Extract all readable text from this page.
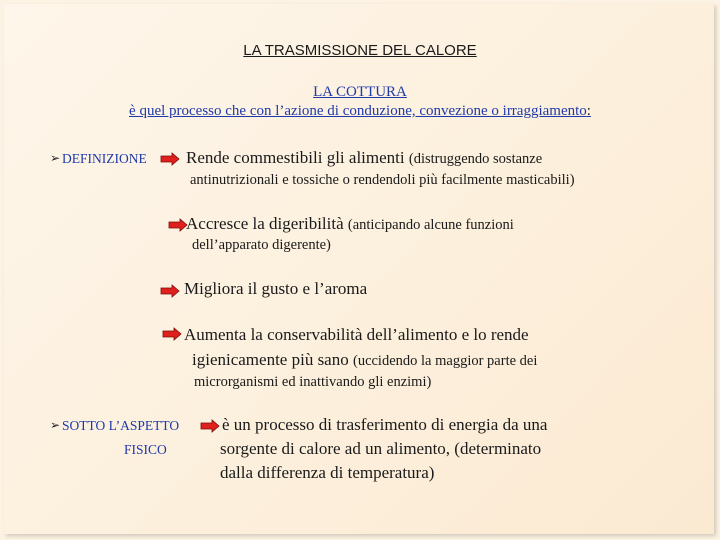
LA TRASMISSIONE DEL CALORE
LA COTTURA
è quel processo che con l’azione di conduzione, convezione o irraggiamento:
➢ DEFINIZIONE Rende commestibili gli alimenti (distruggendo sostanze
antinutrizionali e tossiche o rendendoli più facilmente masticabili)
Accresce la digeribilità (anticipando alcune funzioni
dell’apparato digerente)
Migliora il gusto e l’aroma
Aumenta la conservabilità dell’alimento e lo rende
igienicamente più sano (uccidendo la maggior parte dei
microrganismi ed inattivando gli enzimi)
➢ SOTTO L’ASPETTO
FISICO
è un processo di trasferimento di energia da una
sorgente di calore ad un alimento, (determinato
dalla differenza di temperatura)
